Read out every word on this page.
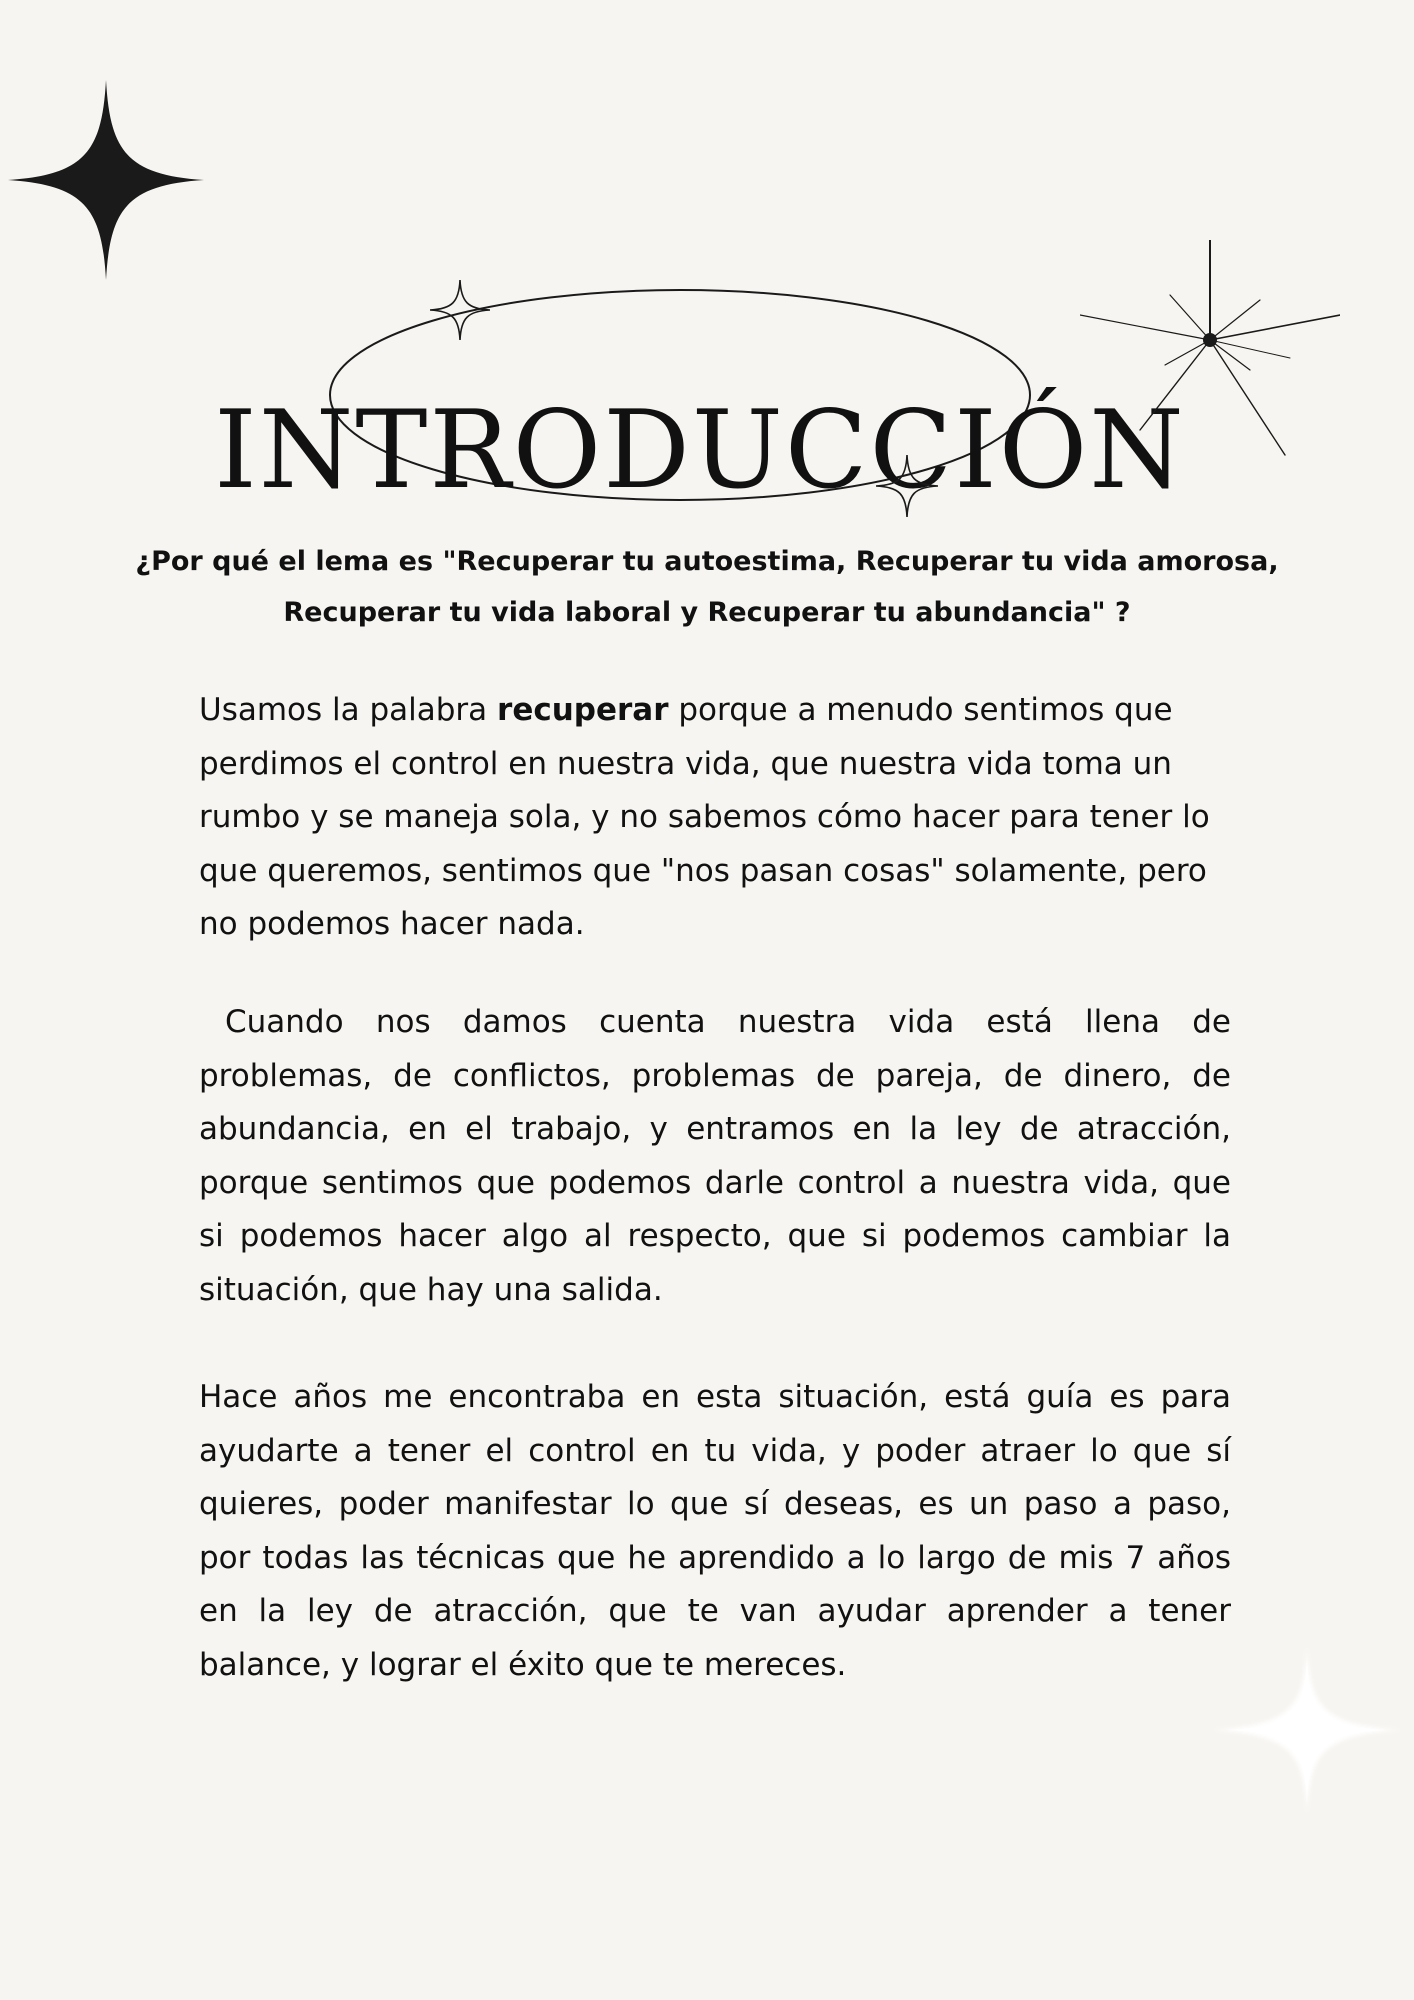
INTRODUCCIÓN
¿Por qué el lema es "Recuperar tu autoestima, Recuperar tu vida amorosa, Recuperar tu vida laboral y Recuperar tu abundancia" ?

Usamos la palabra recuperar porque a menudo sentimos que perdimos el control en nuestra vida, que nuestra vida toma un rumbo y se maneja sola, y no sabemos cómo hacer para tener lo que queremos, sentimos que "nos pasan cosas" solamente, pero no podemos hacer nada.

Cuando nos damos cuenta nuestra vida está llena de problemas, de conflictos, problemas de pareja, de dinero, de abundancia, en el trabajo, y entramos en la ley de atracción, porque sentimos que podemos darle control a nuestra vida, que si podemos hacer algo al respecto, que si podemos cambiar la situación, que hay una salida.

Hace años me encontraba en esta situación, está guía es para ayudarte a tener el control en tu vida, y poder atraer lo que sí quieres, poder manifestar lo que sí deseas, es un paso a paso, por todas las técnicas que he aprendido a lo largo de mis 7 años en la ley de atracción, que te van ayudar aprender a tener balance, y lograr el éxito que te mereces.
